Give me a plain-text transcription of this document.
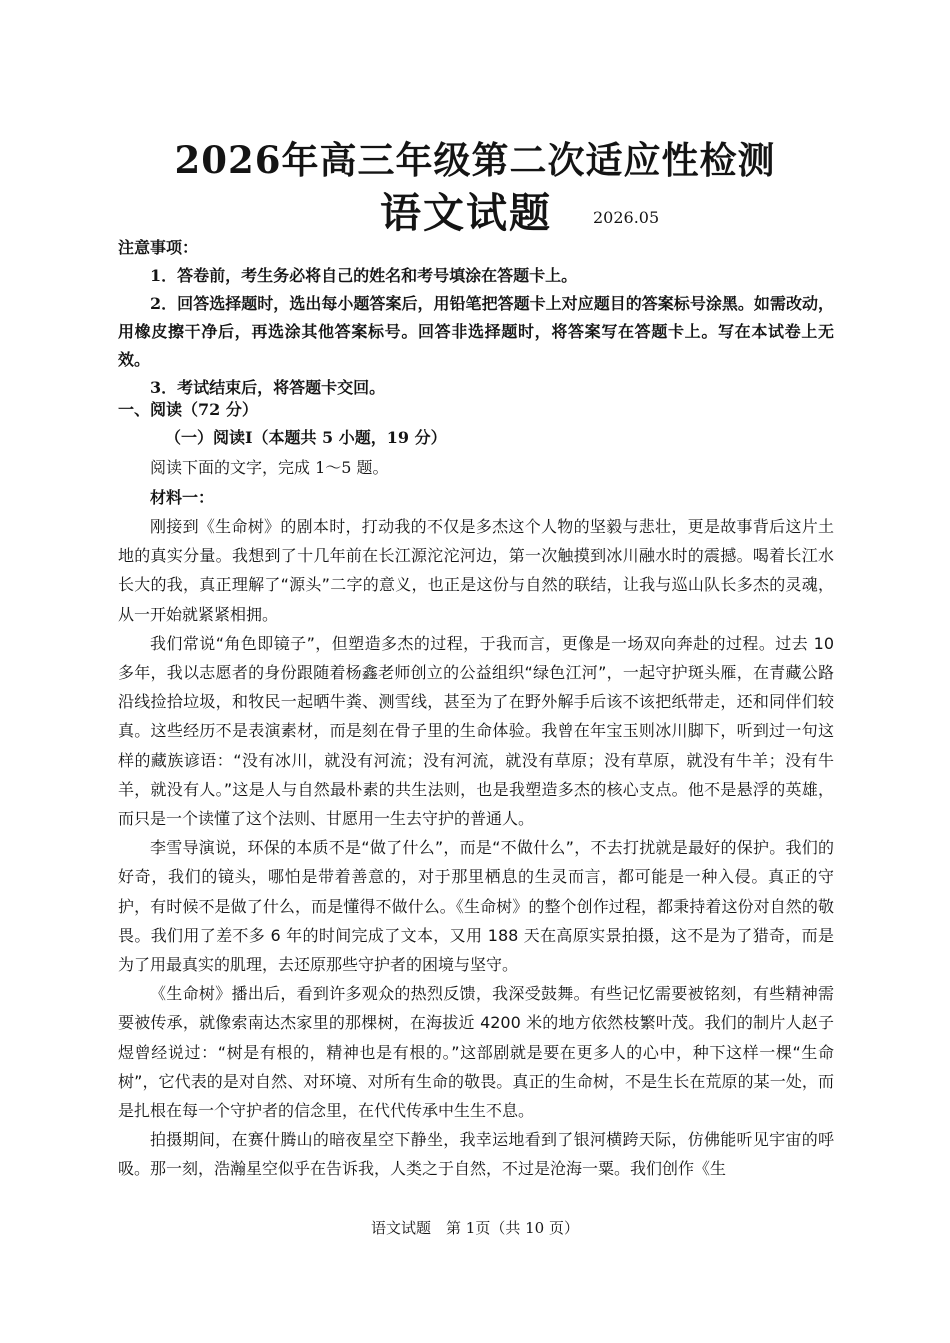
2026年高三年级第二次适应性检测
语文试题	2026.05
注意事项：

1．答卷前，考生务必将自己的姓名和考号填涂在答题卡上。

2．回答选择题时，选出每小题答案后，用铅笔把答题卡上对应题目的答案标号涂黑。如需改动，用橡皮擦干净后，再选涂其他答案标号。回答非选择题时，将答案写在答题卡上。写在本试卷上无效。

3．考试结束后，将答题卡交回。

一、阅读（72 分）
（一）阅读Ⅰ（本题共 5 小题，19 分）
阅读下面的文字，完成 1～5 题。
材料一：

刚接到《生命树》的剧本时，打动我的不仅是多杰这个人物的坚毅与悲壮，更是故事背后这片土地的真实分量。我想到了十几年前在长江源沱沱河边，第一次触摸到冰川融水时的震撼。喝着长江水长大的我，真正理解了“源头”二字的意义，也正是这份与自然的联结，让我与巡山队长多杰的灵魂，从一开始就紧紧相拥。

我们常说“角色即镜子”，但塑造多杰的过程，于我而言，更像是一场双向奔赴的过程。过去 10 多年，我以志愿者的身份跟随着杨鑫老师创立的公益组织“绿色江河”，一起守护斑头雁，在青藏公路沿线捡拾垃圾，和牧民一起晒牛粪、测雪线，甚至为了在野外解手后该不该把纸带走，还和同伴们较真。这些经历不是表演素材，而是刻在骨子里的生命体验。我曾在年宝玉则冰川脚下，听到过一句这样的藏族谚语：“没有冰川，就没有河流；没有河流，就没有草原；没有草原，就没有牛羊；没有牛羊，就没有人。”这是人与自然最朴素的共生法则，也是我塑造多杰的核心支点。他不是悬浮的英雄，而只是一个读懂了这个法则、甘愿用一生去守护的普通人。

李雪导演说，环保的本质不是“做了什么”，而是“不做什么”，不去打扰就是最好的保护。我们的好奇，我们的镜头，哪怕是带着善意的，对于那里栖息的生灵而言，都可能是一种入侵。真正的守护，有时候不是做了什么，而是懂得不做什么。《生命树》的整个创作过程，都秉持着这份对自然的敬畏。我们用了差不多 6 年的时间完成了文本，又用 188 天在高原实景拍摄，这不是为了猎奇，而是为了用最真实的肌理，去还原那些守护者的困境与坚守。

《生命树》播出后，看到许多观众的热烈反馈，我深受鼓舞。有些记忆需要被铭刻，有些精神需要被传承，就像索南达杰家里的那棵树，在海拔近 4200 米的地方依然枝繁叶茂。我们的制片人赵子煜曾经说过：“树是有根的，精神也是有根的。”这部剧就是要在更多人的心中，种下这样一棵“生命树”，它代表的是对自然、对环境、对所有生命的敬畏。真正的生命树，不是生长在荒原的某一处，而是扎根在每一个守护者的信念里，在代代传承中生生不息。

拍摄期间，在赛什腾山的暗夜星空下静坐，我幸运地看到了银河横跨天际，仿佛能听见宇宙的呼吸。那一刻，浩瀚星空似乎在告诉我，人类之于自然，不过是沧海一粟。我们创作《生

语文试题　第 1页（共 10 页）
